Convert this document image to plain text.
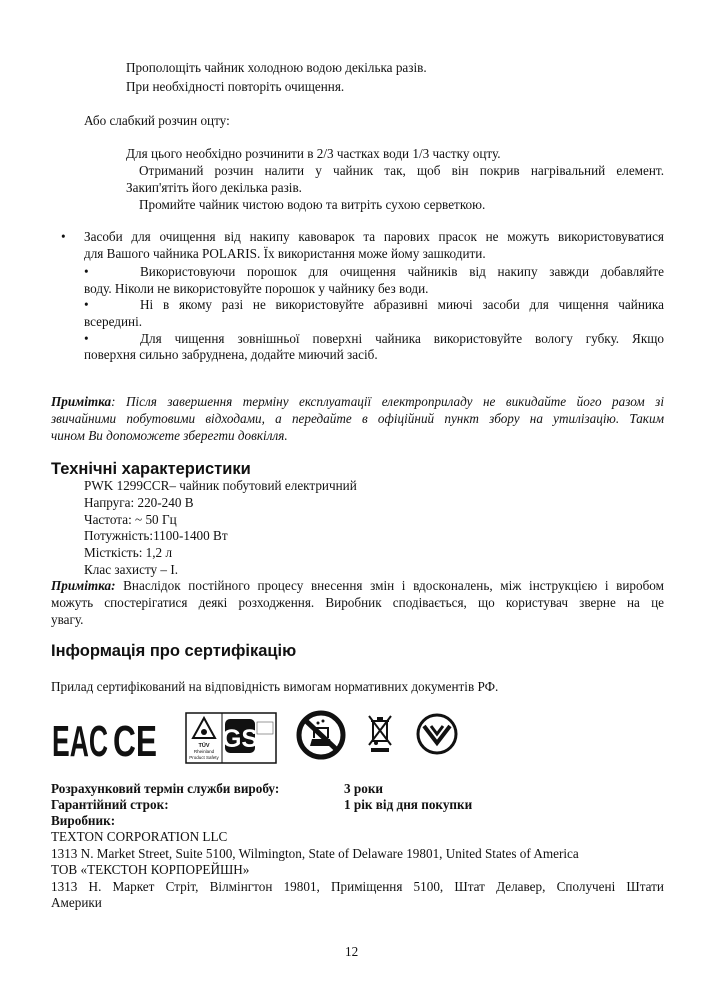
Прополощіть чайник холодною водою декілька разів.
При необхідності повторіть очищення.
Або слабкий розчин оцту:
Для цього необхідно розчинити в 2/3 частках води 1/3 частку оцту.
Отриманий розчин налити у чайник так, щоб він покрив нагрівальний елемент.
Закип'ятіть його декілька разів.
Промийте чайник чистою водою та витріть сухою серветкою.
• Засоби для очищення від накипу кавоварок та парових прасок не можуть використовуватися
для Вашого чайника POLARIS. Їх використання може йому зашкодити.
•	Використовуючи порошок для очищення чайників від накипу завжди добавляйте
воду. Ніколи не використовуйте порошок у чайнику без води.
•	Ні в якому разі не використовуйте абразивні миючі засоби для чищення чайника
всередині.
•	Для чищення зовнішньої поверхні чайника використовуйте вологу губку. Якщо
поверхня сильно забруднена, додайте миючий засіб.
Примітка: Після завершення терміну експлуатації електроприладу не викидайте його разом зі
звичайними побутовими відходами, а передайте в офіційний пункт збору на утилізацію. Таким
чином Ви допоможете зберегти довкілля.
Технічні характеристики
PWK 1299CCR– чайник побутовий електричний
Напруга: 220-240 В
Частота: ~ 50 Гц
Потужність:1100-1400 Вт
Місткість: 1,2 л
Клас захисту – I.
Примітка: Внаслідок постійного процесу внесення змін і вдосконалень, між інструкцією і виробом
можуть спостерігатися деякі розходження. Виробник сподівається, що користувач зверне на це
увагу.
Інформація про сертифікацію
Прилад сертифікований на відповідність вимогам нормативних документів РФ.
EAC CE	TÜV
Rheinland
Product Safety
GS
Розрахунковий термін служби виробу:	3 роки
Гарантійний строк:	1 рік від дня покупки
Виробник:
TEXTON CORPORATION LLC
1313 N. Market Street, Suite 5100, Wilmington, State of Delaware 19801, United States of America
ТОВ «ТЕКСТОН КОРПОРЕЙШН»
1313 Н. Маркет Стріт, Вілмінгтон 19801, Приміщення 5100, Штат Делавер, Сполучені Штати
Америки
12
